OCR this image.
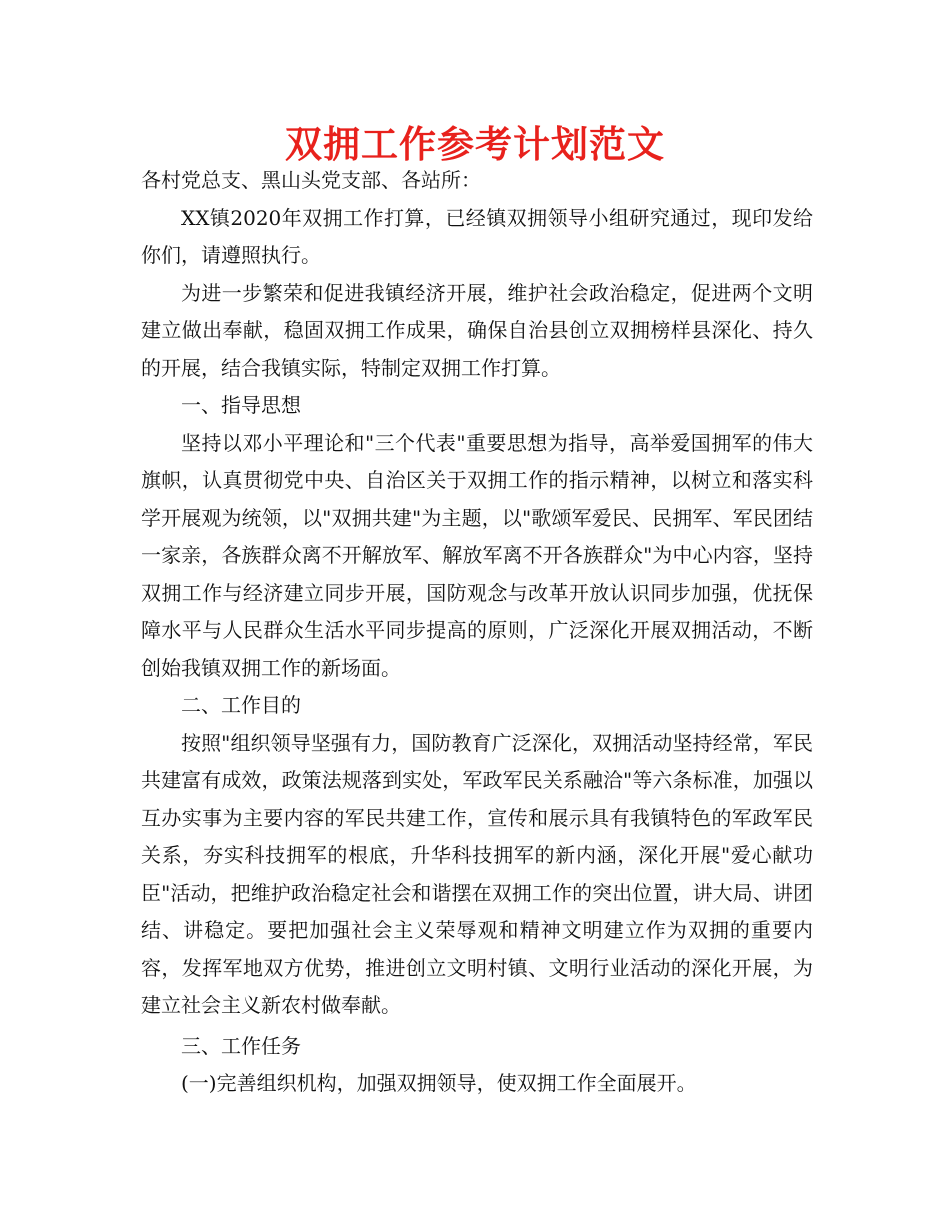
双拥工作参考计划范文

各村党总支、黑山头党支部、各站所：

XX镇2020年双拥工作打算，已经镇双拥领导小组研究通过，现印发给你们，请遵照执行。

为进一步繁荣和促进我镇经济开展，维护社会政治稳定，促进两个文明建立做出奉献，稳固双拥工作成果，确保自治县创立双拥榜样县深化、持久的开展，结合我镇实际，特制定双拥工作打算。

一、指导思想

坚持以邓小平理论和"三个代表"重要思想为指导，高举爱国拥军的伟大旗帜，认真贯彻党中央、自治区关于双拥工作的指示精神，以树立和落实科学开展观为统领，以"双拥共建"为主题，以"歌颂军爱民、民拥军、军民团结一家亲，各族群众离不开解放军、解放军离不开各族群众"为中心内容，坚持双拥工作与经济建立同步开展，国防观念与改革开放认识同步加强，优抚保障水平与人民群众生活水平同步提高的原则，广泛深化开展双拥活动，不断创始我镇双拥工作的新场面。

二、工作目的

按照"组织领导坚强有力，国防教育广泛深化，双拥活动坚持经常，军民共建富有成效，政策法规落到实处，军政军民关系融洽"等六条标准，加强以互办实事为主要内容的军民共建工作，宣传和展示具有我镇特色的军政军民关系，夯实科技拥军的根底，升华科技拥军的新内涵，深化开展"爱心献功臣"活动，把维护政治稳定社会和谐摆在双拥工作的突出位置，讲大局、讲团结、讲稳定。要把加强社会主义荣辱观和精神文明建立作为双拥的重要内容，发挥军地双方优势，推进创立文明村镇、文明行业活动的深化开展，为建立社会主义新农村做奉献。

三、工作任务

(一)完善组织机构，加强双拥领导，使双拥工作全面展开。
